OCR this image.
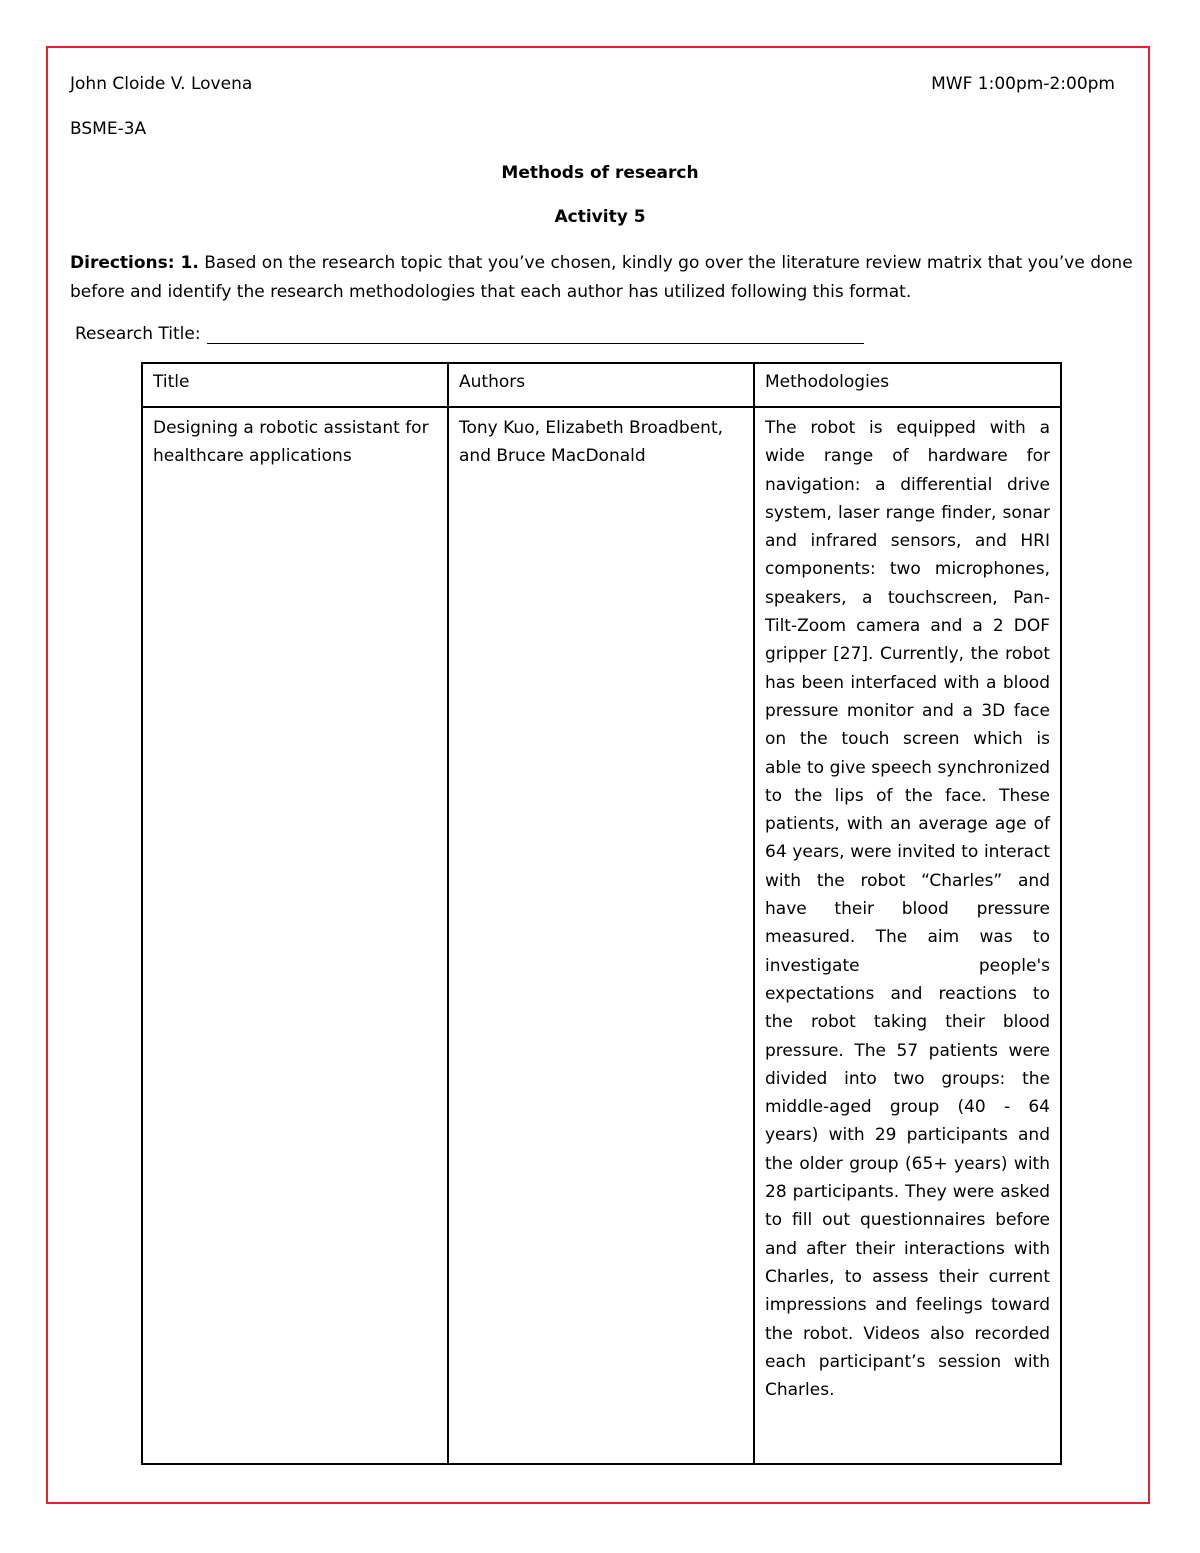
John Cloide V. Lovena	MWF 1:00pm-2:00pm
BSME-3A
Methods of research
Activity 5
Directions: 1. Based on the research topic that you’ve chosen, kindly go over the literature review matrix that you’ve done before and identify the research methodologies that each author has utilized following this format.
Research Title:
Title	Authors	Methodologies
Designing a robotic assistant for healthcare applications	Tony Kuo, Elizabeth Broadbent, and Bruce MacDonald	The robot is equipped with a wide range of hardware for navigation: a differential drive system, laser range finder, sonar and infrared sensors, and HRI components: two microphones, speakers, a touchscreen, Pan-Tilt-Zoom camera and a 2 DOF gripper [27]. Currently, the robot has been interfaced with a blood pressure monitor and a 3D face on the touch screen which is able to give speech synchronized to the lips of the face. These patients, with an average age of 64 years, were invited to interact with the robot “Charles” and have their blood pressure measured. The aim was to investigate people's expectations and reactions to the robot taking their blood pressure. The 57 patients were divided into two groups: the middle-aged group (40 - 64 years) with 29 participants and the older group (65+ years) with 28 participants. They were asked to fill out questionnaires before and after their interactions with Charles, to assess their current impressions and feelings toward the robot. Videos also recorded each participant’s session with Charles.
